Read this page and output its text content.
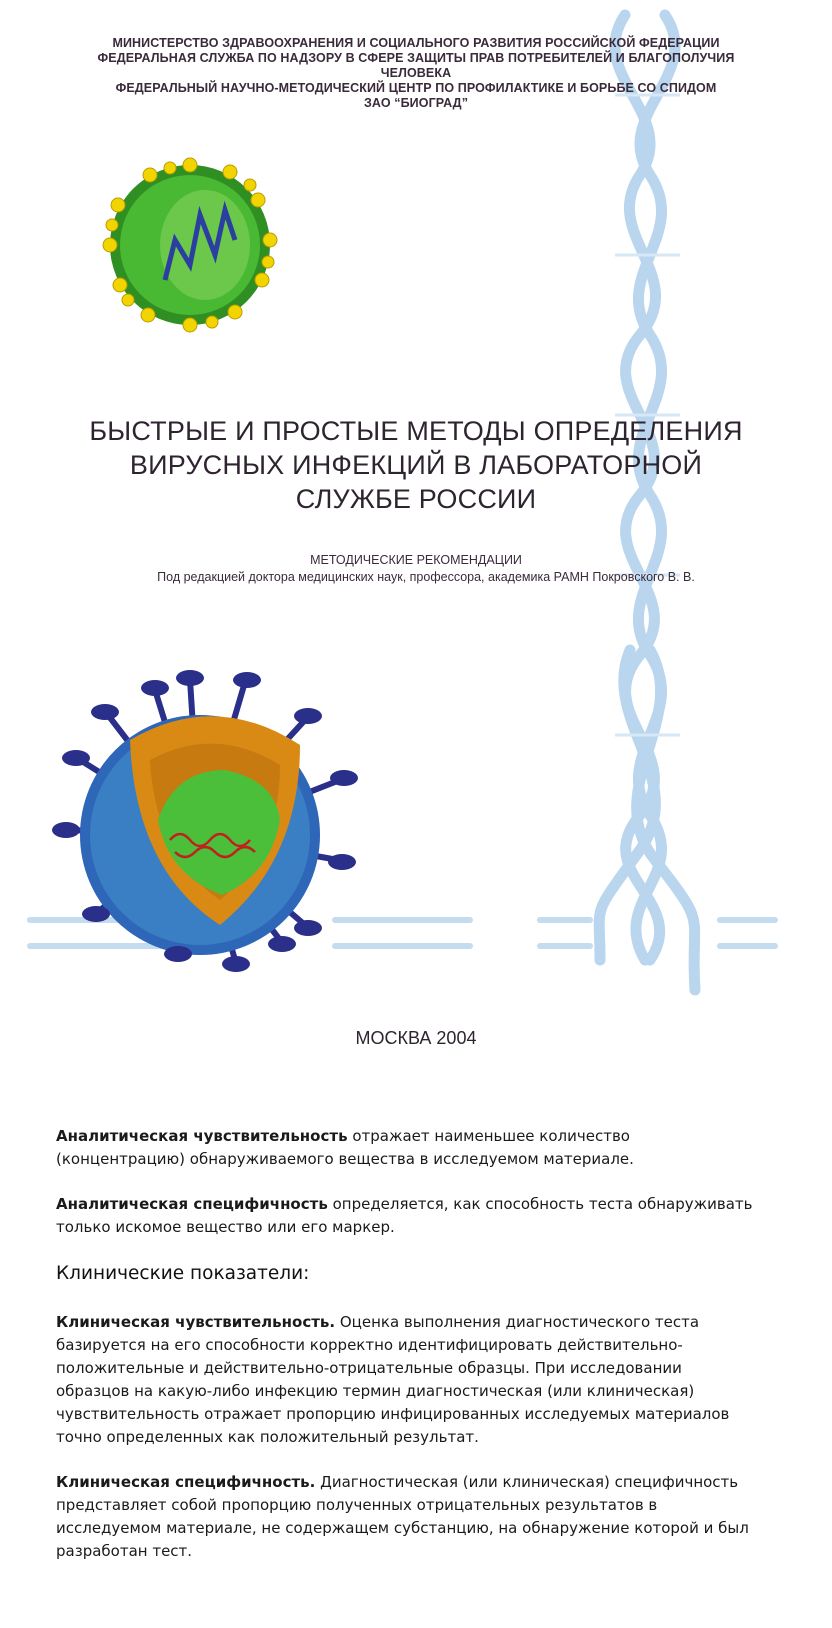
МИНИСТЕРСТВО ЗДРАВООХРАНЕНИЯ И СОЦИАЛЬНОГО РАЗВИТИЯ РОССИЙСКОЙ ФЕДЕРАЦИИ
ФЕДЕРАЛЬНАЯ СЛУЖБА ПО НАДЗОРУ В СФЕРЕ ЗАЩИТЫ ПРАВ ПОТРЕБИТЕЛЕЙ И БЛАГОПОЛУЧИЯ
ЧЕЛОВЕКА
ФЕДЕРАЛЬНЫЙ НАУЧНО-МЕТОДИЧЕСКИЙ ЦЕНТР ПО ПРОФИЛАКТИКЕ И БОРЬБЕ СО СПИДОМ
ЗАО “БИОГРАД”
БЫСТРЫЕ И ПРОСТЫЕ МЕТОДЫ ОПРЕДЕЛЕНИЯ
ВИРУСНЫХ ИНФЕКЦИЙ В ЛАБОРАТОРНОЙ
СЛУЖБЕ РОССИИ
МЕТОДИЧЕСКИЕ РЕКОМЕНДАЦИИ
Под редакцией доктора медицинских наук, профессора, академика РАМН Покровского В. В.
МОСКВА 2004

Аналитическая чувствительность отражает наименьшее количество (концентрацию) обнаруживаемого вещества в исследуемом материале.

Аналитическая специфичность определяется, как способность теста обнаруживать только искомое вещество или его маркер.

Клинические показатели:

Клиническая чувствительность. Оценка выполнения диагностического теста базируется на его способности корректно идентифицировать действительно-положительные и действительно-отрицательные образцы. При исследовании образцов на какую-либо инфекцию термин диагностическая (или клиническая) чувствительность отражает пропорцию инфицированных исследуемых материалов точно определенных как положительный результат.

Клиническая специфичность. Диагностическая (или клиническая) специфичность представляет собой пропорцию полученных отрицательных результатов в исследуемом материале, не содержащем субстанцию, на обнаружение которой и был разработан тест.
